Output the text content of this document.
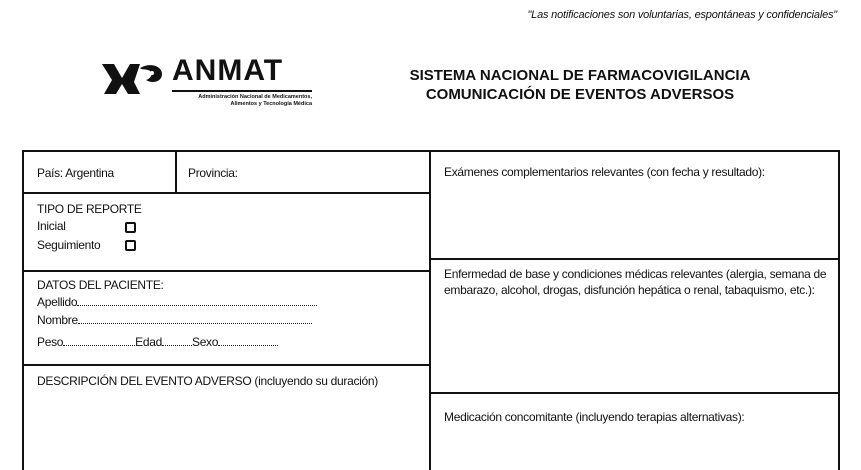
"Las notificaciones son voluntarias, espontáneas y confidenciales"
ANMAT
Administración Nacional de Medicamentos,
Alimentos y Tecnología Médica
SISTEMA NACIONAL DE FARMACOVIGILANCIA
COMUNICACIÓN DE EVENTOS ADVERSOS
País: Argentina	Provincia:
TIPO DE REPORTE
Inicial
Seguimiento
DATOS DEL PACIENTE:
Apellido
Nombre
Peso	Edad	Sexo
DESCRIPCIÓN DEL EVENTO ADVERSO (incluyendo su duración)
Exámenes complementarios relevantes (con fecha y resultado):
Enfermedad de base y condiciones médicas relevantes (alergia, semana de embarazo, alcohol, drogas, disfunción hepática o renal, tabaquismo, etc.):
Medicación concomitante (incluyendo terapias alternativas):
